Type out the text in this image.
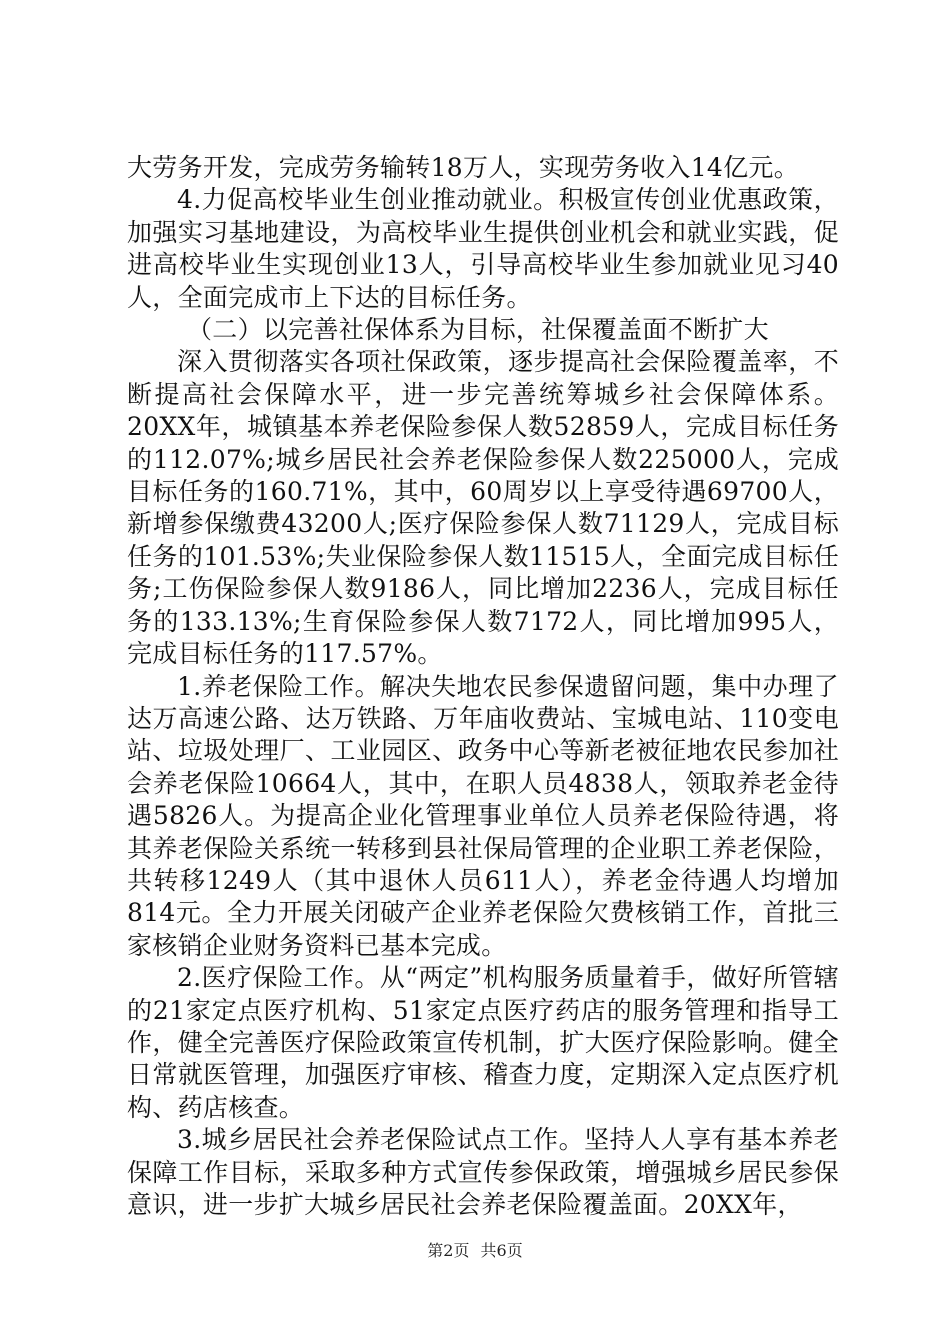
大劳务开发，完成劳务输转18万人，实现劳务收入14亿元。

4.力促高校毕业生创业推动就业。积极宣传创业优惠政策，加强实习基地建设，为高校毕业生提供创业机会和就业实践，促进高校毕业生实现创业13人，引导高校毕业生参加就业见习40人，全面完成市上下达的目标任务。

（二）以完善社保体系为目标，社保覆盖面不断扩大

深入贯彻落实各项社保政策，逐步提高社会保险覆盖率，不断提高社会保障水平，进一步完善统筹城乡社会保障体系。20XX年，城镇基本养老保险参保人数52859人，完成目标任务的112.07%;城乡居民社会养老保险参保人数225000人，完成目标任务的160.71%，其中，60周岁以上享受待遇69700人，新增参保缴费43200人;医疗保险参保人数71129人，完成目标任务的101.53%;失业保险参保人数11515人，全面完成目标任务;工伤保险参保人数9186人，同比增加2236人，完成目标任务的133.13%;生育保险参保人数7172人，同比增加995人，完成目标任务的117.57%。

1.养老保险工作。解决失地农民参保遗留问题，集中办理了达万高速公路、达万铁路、万年庙收费站、宝城电站、110变电站、垃圾处理厂、工业园区、政务中心等新老被征地农民参加社会养老保险10664人，其中，在职人员4838人，领取养老金待遇5826人。为提高企业化管理事业单位人员养老保险待遇，将其养老保险关系统一转移到县社保局管理的企业职工养老保险，共转移1249人（其中退休人员611人），养老金待遇人均增加814元。全力开展关闭破产企业养老保险欠费核销工作，首批三家核销企业财务资料已基本完成。

2.医疗保险工作。从“两定”机构服务质量着手，做好所管辖的21家定点医疗机构、51家定点医疗药店的服务管理和指导工作，健全完善医疗保险政策宣传机制，扩大医疗保险影响。健全日常就医管理，加强医疗审核、稽查力度，定期深入定点医疗机构、药店核查。

3.城乡居民社会养老保险试点工作。坚持人人享有基本养老保障工作目标，采取多种方式宣传参保政策，增强城乡居民参保意识，进一步扩大城乡居民社会养老保险覆盖面。20XX年，

第2页 共6页
